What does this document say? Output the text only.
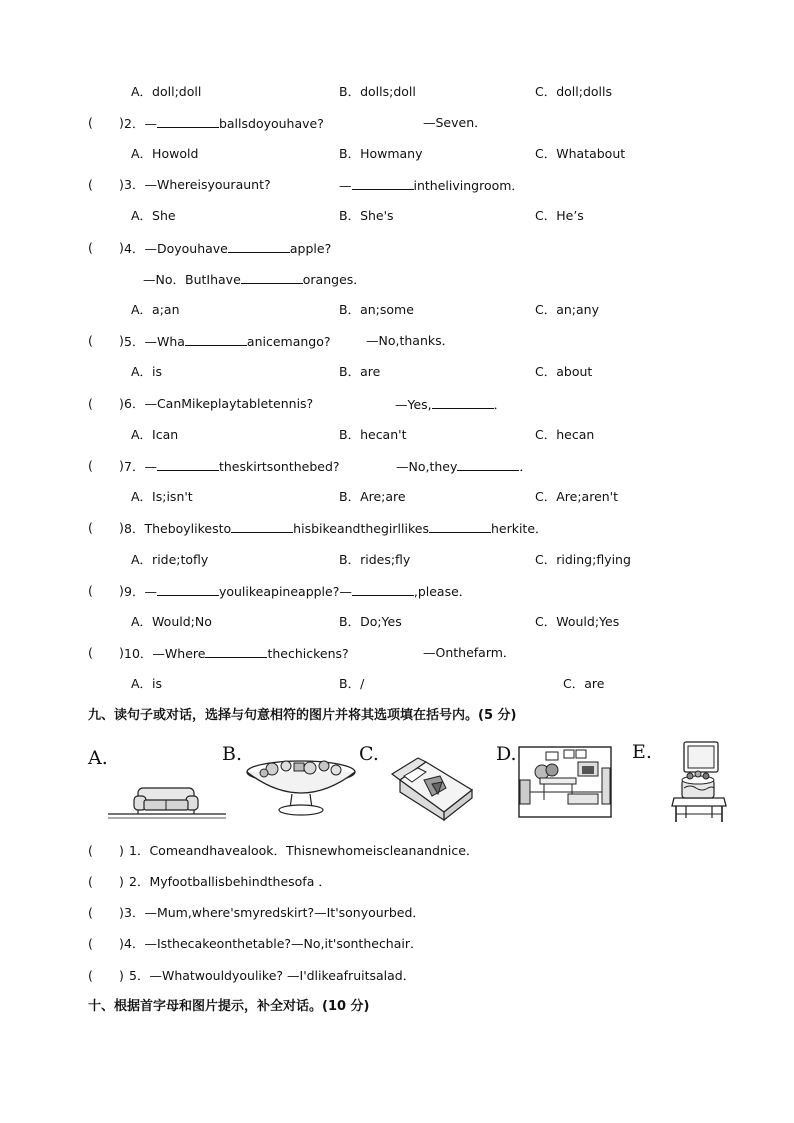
A．doll;doll	B．dolls;doll	C．doll;dolls
( ) 2．—	ballsdoyouhave?	—Seven．
A．Howold	B．Howmany	C．Whatabout
( ) 3．—Whereisyouraunt?	—	inthelivingroom．
A．She	B．She's	C．He’s
( ) 4．—Doyouhave	apple?
—No．ButIhave	oranges．
A．a;an	B．an;some	C．an;any
( ) 5．—Wha	anicemango?	—No,thanks．
A．is	B．are	C．about
( ) 6．—CanMikeplaytabletennis?	—Yes,	．
A．Ican	B．hecan't	C．hecan
( ) 7．—	theskirtsonthebed?	—No,they	．
A．Is;isn't	B．Are;are	C．Are;aren't
( ) 8．Theboylikesto	hisbikeandthegirllikes	herkite．
A．ride;tofly	B．rides;fly	C．riding;flying
( ) 9．—	youlikeapineapple?—	,please．
A．Would;No	B．Do;Yes	C．Would;Yes
( ) 10．—Where	thechickens?	—Onthefarm．
A．is	B．/	C．are
九、读句子或对话，选择与句意相符的图片并将其选项填在括号内。(5 分)
A.	B.	C.	D.	E.
( ) 1．Comeandhavealook．Thisnewhomeiscleanandnice．
( ) 2．Myfootballisbehindthesofa ．
( ) 3．—Mum,where'smyredskirt?—It'sonyourbed．
( ) 4．—Isthecakeonthetable?—No,it'sonthechair．
( ) 5．—Whatwouldyoulike? —I'dlikeafruitsalad．
十、根据首字母和图片提示，补全对话。(10 分)
